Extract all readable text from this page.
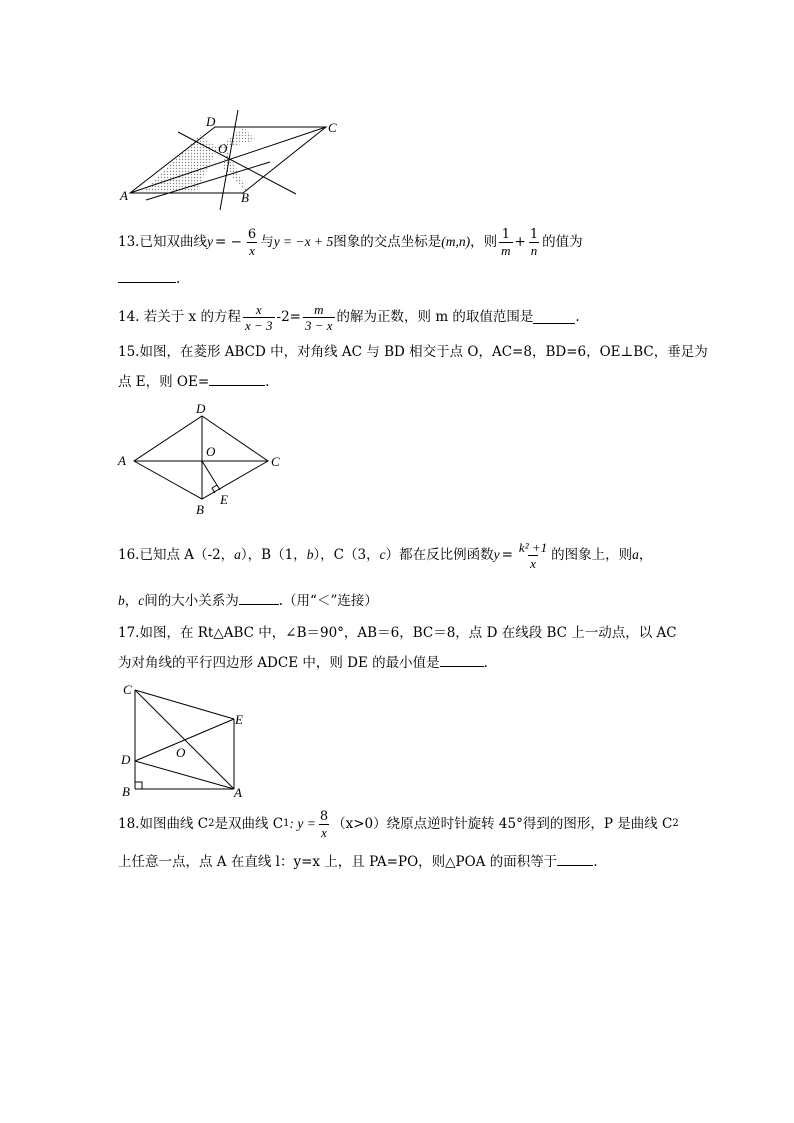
D	C
O
A	B
13.已知双曲线 y = − $\frac{6}{x}$ 与 y = −x + 5 图象的交点坐标是 (m,n) ，则 $\frac{1}{m} + \frac{1}{n}$ 的值为
.
14. 若关于 x 的方程 $\frac{x}{x - 3} -2= \frac{m}{3 - x}$ 的解为正数，则 m 的取值范围是	.
15.如图，在菱形 ABCD 中，对角线 AC 与 BD 相交于点 O，AC=8，BD=6，OE⊥BC，垂足为
点 E，则 OE=	.
D
A
O
C
E
B
16.已知点 A（-2， a ），B（1， b ），C（3， c ）都在反比例函数 $y = \frac{\text{k² +1}}{x}$ 的图象上，则 a ，
b，c间的大小关系为	.（用“＜”连接）
17.如图，在 Rt△ABC 中，∠B＝90°，AB＝6，BC＝8，点 D 在线段 BC 上一动点，以 AC
为对角线的平行四边形 ADCE 中，则 DE 的最小值是	.
C
E
D	O
B	A
18.如图曲线 C 2 是双曲线 C 1 : $y = \frac{8}{x} (x>0)$绕原点逆时针旋转 45°得到的图形，P 是曲线 C 2
上任意一点，点 A 在直线 l：y=x 上，且 PA=PO，则△POA 的面积等于	.
